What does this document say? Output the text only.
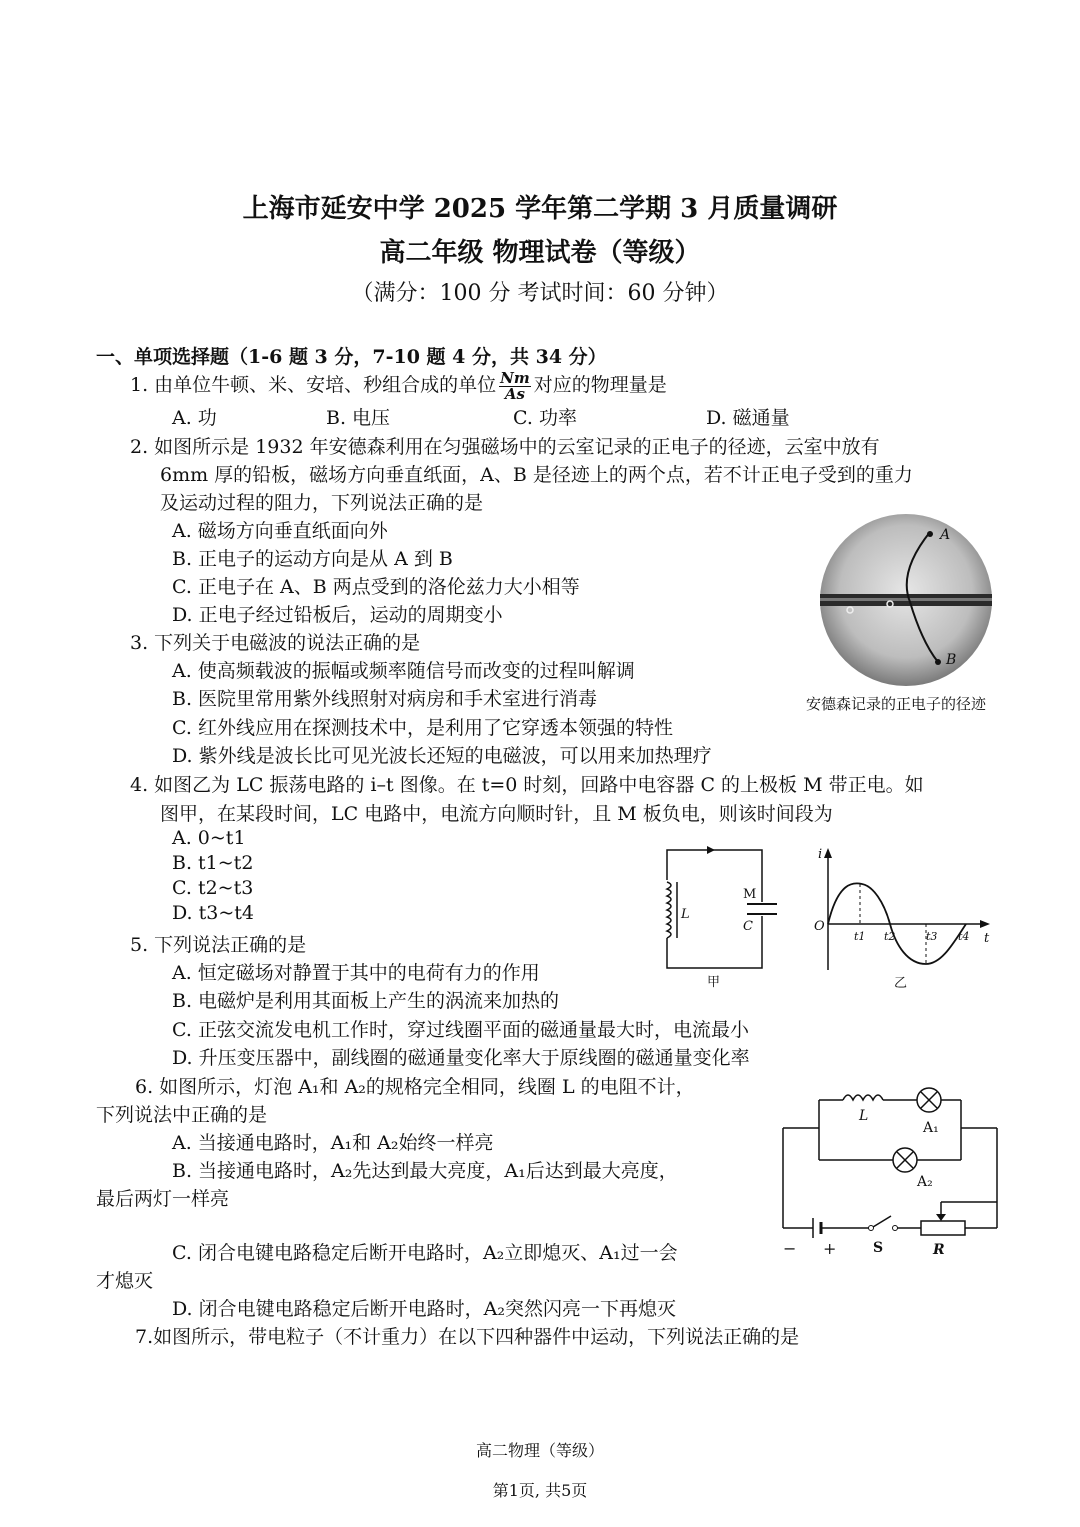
上海市延安中学 2025 学年第二学期 3 月质量调研
高二年级 物理试卷（等级）
（满分：100 分 考试时间：60 分钟）
一、单项选择题（1-6 题 3 分，7-10 题 4 分，共 34 分）
1. 由单位牛顿、米、安培、秒组合成的单位 $\frac{Nm}{As}$ 对应的物理量是
A. 功	B. 电压	C. 功率	D. 磁通量
2. 如图所示是 1932 年安德森利用在匀强磁场中的云室记录的正电子的径迹，云室中放有
6mm 厚的铅板，磁场方向垂直纸面，A、B 是径迹上的两个点，若不计正电子受到的重力
及运动过程的阻力，下列说法正确的是
A. 磁场方向垂直纸面向外
B. 正电子的运动方向是从 A 到 B
C. 正电子在 A、B 两点受到的洛伦兹力大小相等
D. 正电子经过铅板后，运动的周期变小
A
B
安德森记录的正电子的径迹
3. 下列关于电磁波的说法正确的是
A. 使高频载波的振幅或频率随信号而改变的过程叫解调
B. 医院里常用紫外线照射对病房和手术室进行消毒
C. 红外线应用在探测技术中，是利用了它穿透本领强的特性
D. 紫外线是波长比可见光波长还短的电磁波，可以用来加热理疗
4. 如图乙为 LC 振荡电路的 i–t 图像。在 t=0 时刻，回路中电容器 C 的上极板 M 带正电。如
图甲，在某段时间，LC 电路中，电流方向顺时针，且 M 板负电，则该时间段为
A. 0~t1
B. t1~t2
C. t2~t3
D. t3~t4	L
M
C
甲
i
t
O
t1 t2	t3 t4
乙
5. 下列说法正确的是
A. 恒定磁场对静置于其中的电荷有力的作用
B. 电磁炉是利用其面板上产生的涡流来加热的
C. 正弦交流发电机工作时，穿过线圈平面的磁通量最大时，电流最小
D. 升压变压器中，副线圈的磁通量变化率大于原线圈的磁通量变化率
6. 如图所示，灯泡 A₁和 A₂的规格完全相同，线圈 L 的电阻不计，
下列说法中正确的是
A. 当接通电路时，A₁和 A₂始终一样亮
B. 当接通电路时，A₂先达到最大亮度，A₁后达到最大亮度，
最后两灯一样亮
C. 闭合电键电路稳定后断开电路时，A₂立即熄灭、A₁过一会
才熄灭
D. 闭合电键电路稳定后断开电路时，A₂突然闪亮一下再熄灭
L
A₁
A₂
− +	S	R
7.如图所示，带电粒子（不计重力）在以下四种器件中运动，下列说法正确的是
高二物理（等级）
第1页, 共5页
